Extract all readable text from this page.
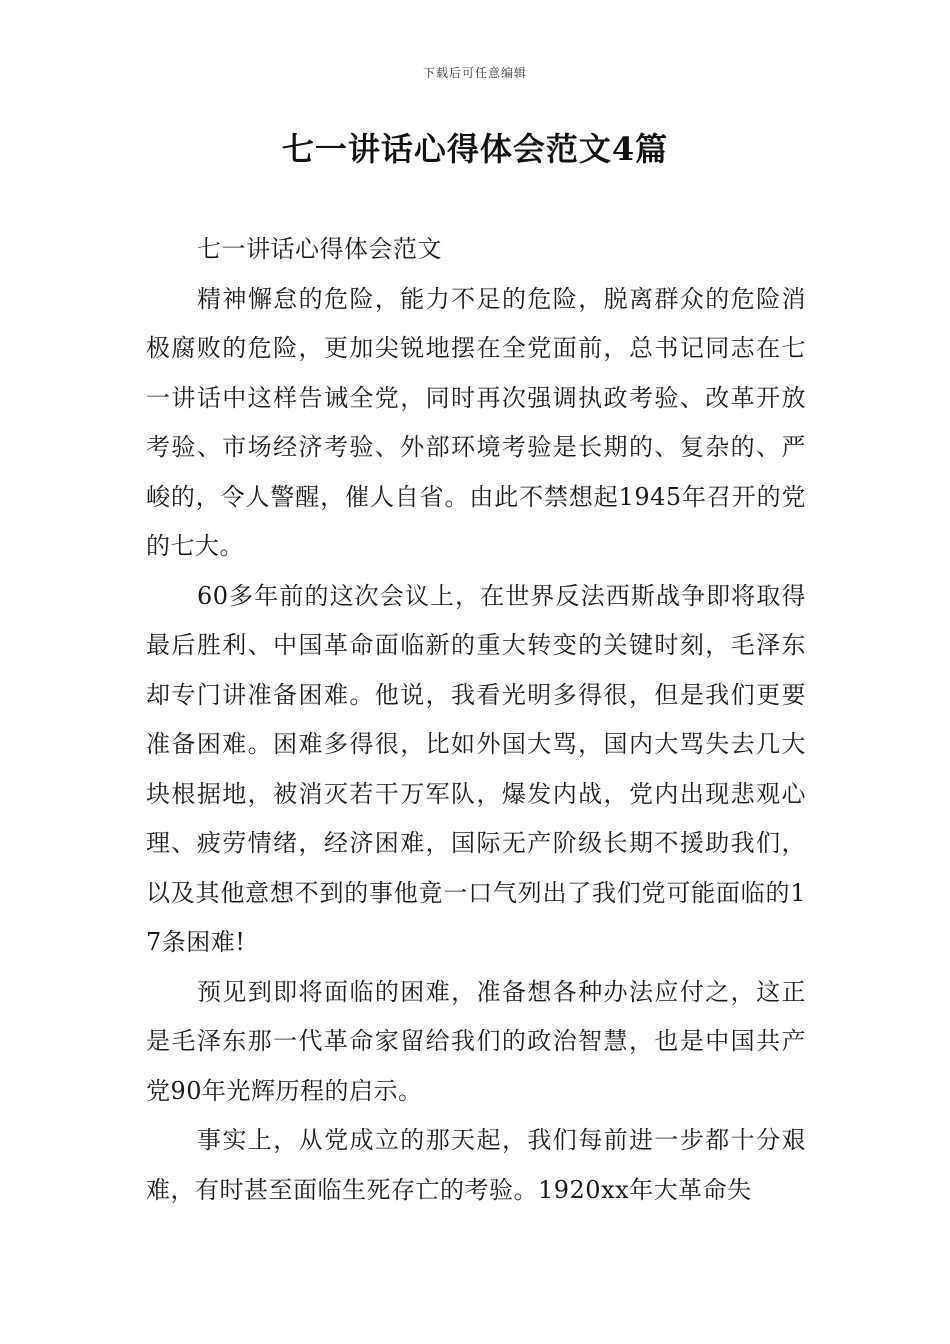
下载后可任意编辑
七一讲话心得体会范文4篇

七一讲话心得体会范文

精神懈怠的危险，能力不足的危险，脱离群众的危险消极腐败的危险，更加尖锐地摆在全党面前，总书记同志在七一讲话中这样告诫全党，同时再次强调执政考验、改革开放考验、市场经济考验、外部环境考验是长期的、复杂的、严峻的，令人警醒，催人自省。由此不禁想起1945年召开的党的七大。

60多年前的这次会议上，在世界反法西斯战争即将取得最后胜利、中国革命面临新的重大转变的关键时刻，毛泽东却专门讲准备困难。他说，我看光明多得很，但是我们更要准备困难。困难多得很，比如外国大骂，国内大骂失去几大块根据地，被消灭若干万军队，爆发内战，党内出现悲观心理、疲劳情绪，经济困难，国际无产阶级长期不援助我们，以及其他意想不到的事他竟一口气列出了我们党可能面临的17条困难!

预见到即将面临的困难，准备想各种办法应付之，这正是毛泽东那一代革命家留给我们的政治智慧，也是中国共产党90年光辉历程的启示。

事实上，从党成立的那天起，我们每前进一步都十分艰难，有时甚至面临生死存亡的考验。1920xx年大革命失
